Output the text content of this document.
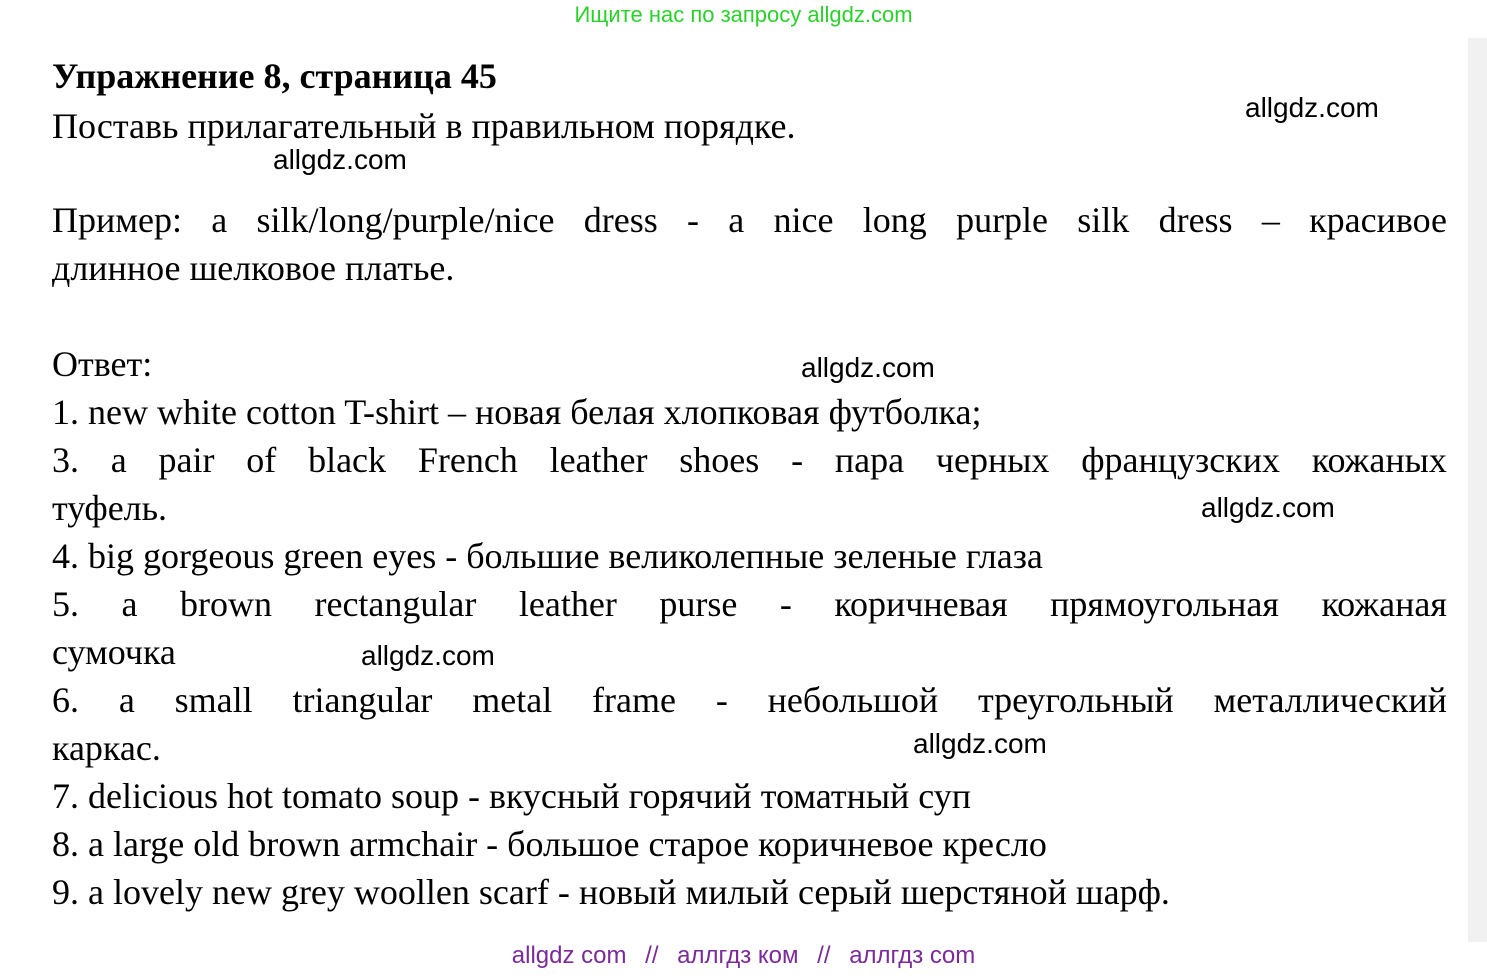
Ищите нас по запросу allgdz.com
Упражнение 8, страница 45
Поставь прилагательный в правильном порядке.
Пример: a silk/long/purple/nice dress - a nice long purple silk dress – красивое
длинное шелковое платье.
Ответ:
1. new white cotton T-shirt – новая белая хлопковая футболка;
3. a pair of black French leather shoes - пара черных французских кожаных
туфель.
4. big gorgeous green eyes - большие великолепные зеленые глаза
5. a brown rectangular leather purse - коричневая прямоугольная кожаная
сумочка
6. a small triangular metal frame - небольшой треугольный металлический
каркас.
7. delicious hot tomato soup - вкусный горячий томатный суп
8. a large old brown armchair - большое старое коричневое кресло
9. a lovely new grey woollen scarf - новый милый серый шерстяной шарф.
allgdz.com
allgdz.com
allgdz.com
allgdz.com
allgdz.com
allgdz.com
allgdz com // аллгдз ком // аллгдз com
